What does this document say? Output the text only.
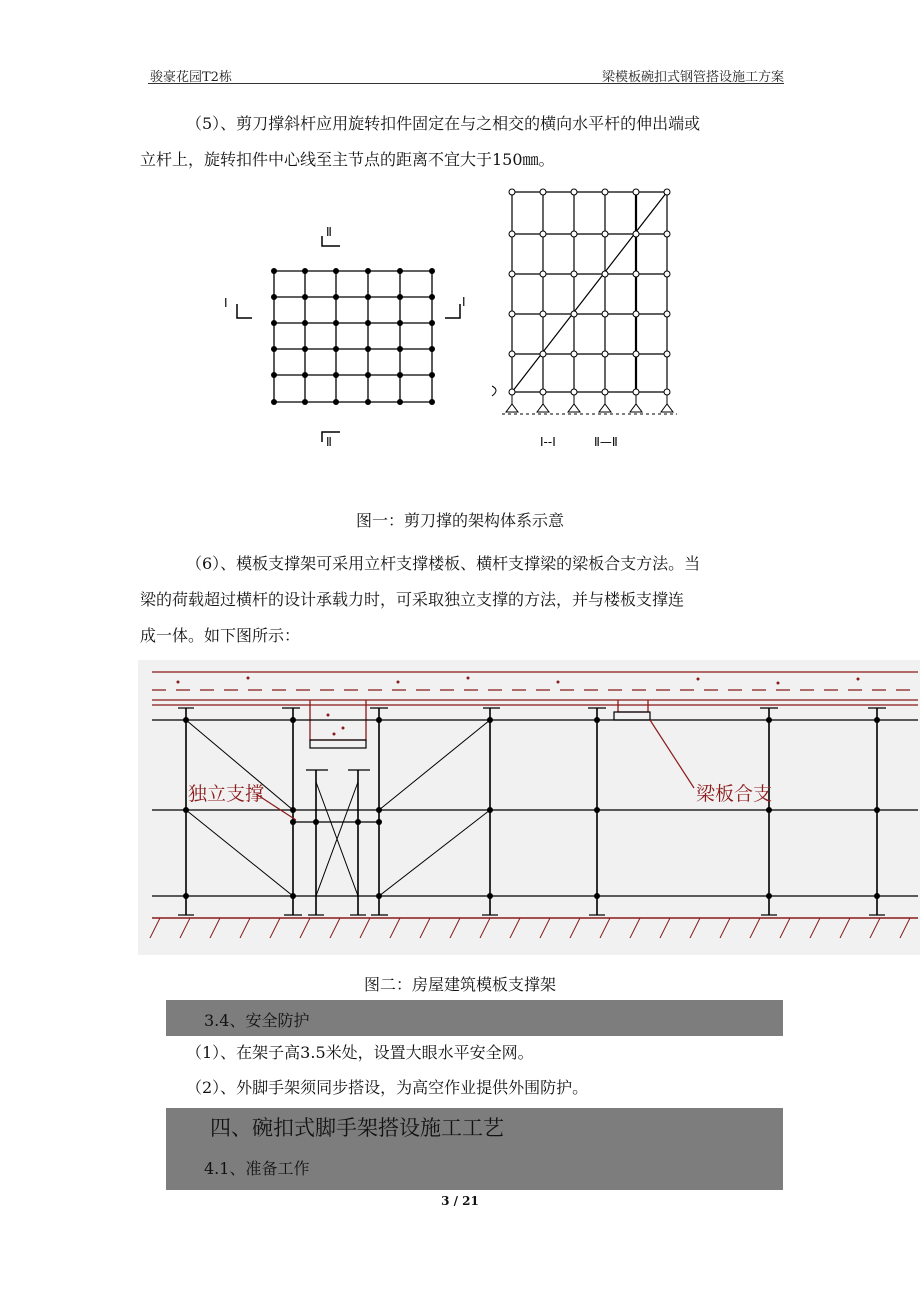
骏豪花园T2栋	梁模板碗扣式钢管搭设施工方案
（5）、剪刀撑斜杆应用旋转扣件固定在与之相交的横向水平杆的伸出端或
立杆上，旋转扣件中心线至主节点的距离不宜大于150㎜。
Ⅱ
Ⅱ
Ⅰ	Ⅰ
Ⅰ--Ⅰ	Ⅱ—Ⅱ
图一：剪刀撑的架构体系示意
（6）、模板支撑架可采用立杆支撑楼板、横杆支撑梁的梁板合支方法。当
梁的荷载超过横杆的设计承载力时，可采取独立支撑的方法，并与楼板支撑连
成一体。如下图所示：
独立支撑	梁板合支
图二：房屋建筑模板支撑架
3.4、安全防护
（1）、在架子高3.5米处，设置大眼水平安全网。
（2）、外脚手架须同步搭设，为高空作业提供外围防护。
四、碗扣式脚手架搭设施工工艺
4.1、准备工作
3 / 21
